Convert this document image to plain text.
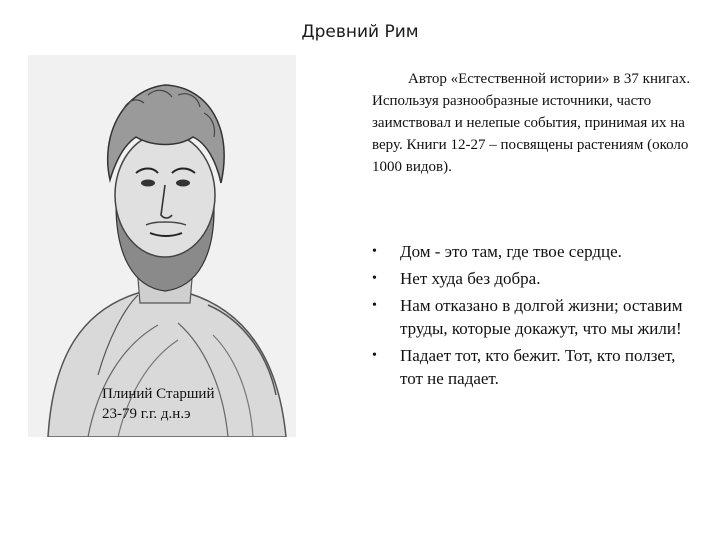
Древний Рим
Плиний Старший
23-79 г.г. д.н.э
Автор «Естественной истории» в 37 книгах. Используя разнообразные источники, часто заимствовал и нелепые события, принимая их на веру. Книги 12-27 – посвящены растениям (около 1000 видов).
• Дом - это там, где твое сердце.
• Нет худа без добра.
• Нам отказано в долгой жизни; оставим труды, которые докажут, что мы жили!
• Падает тот, кто бежит. Тот, кто ползет, тот не падает.
